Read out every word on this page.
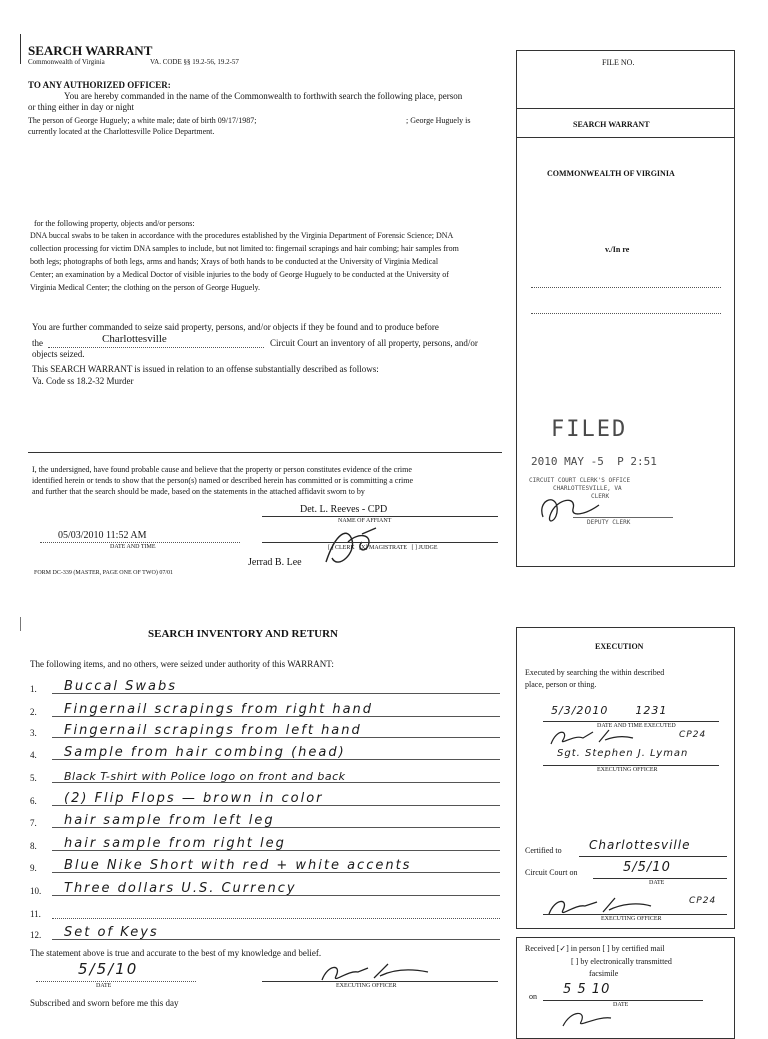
SEARCH WARRANT
Commonwealth of Virginia	VA. CODE §§ 19.2-56, 19.2-57
TO ANY AUTHORIZED OFFICER:
You are hereby commanded in the name of the Commonwealth to forthwith search the following place, person
or thing either in day or night
The person of George Huguely; a white male; date of birth 09/17/1987;	; George Huguely is
currently located at the Charlottesville Police Department.
for the following property, objects and/or persons:
DNA buccal swabs to be taken in accordance with the procedures established by the Virginia Department of Forensic Science; DNA
collection processing for victim DNA samples to include, but not limited to: fingernail scrapings and hair combing; hair samples from
both legs; photographs of both legs, arms and hands; Xrays of both hands to be conducted at the University of Virginia Medical
Center; an examination by a Medical Doctor of visible injuries to the body of George Huguely to be conducted at the University of
Virginia Medical Center; the clothing on the person of George Huguely.
You are further commanded to seize said property, persons, and/or objects if they be found and to produce before
the	Charlottesville	Circuit Court an inventory of all property, persons, and/or
objects seized.
This SEARCH WARRANT is issued in relation to an offense substantially described as follows:
Va. Code ss 18.2-32 Murder
I, the undersigned, have found probable cause and believe that the property or person constitutes evidence of the crime
identified herein or tends to show that the person(s) named or described herein has committed or is committing a crime
and further that the search should be made, based on the statements in the attached affidavit sworn to by
Det. L. Reeves - CPD
NAME OF AFFIANT
05/03/2010 11:52 AM
DATE AND TIME	[ ] CLERK   [X] MAGISTRATE   [ ] JUDGE
Jerrad B. Lee
FORM DC-339 (MASTER, PAGE ONE OF TWO) 07/01
FILE NO.
SEARCH WARRANT
COMMONWEALTH OF VIRGINIA
v./In re
FILED
2010 MAY -5  P 2:51
CIRCUIT COURT CLERK'S OFFICE
CHARLOTTESVILLE, VA
CLERK
DEPUTY CLERK
SEARCH INVENTORY AND RETURN
The following items, and no others, were seized under authority of this WARRANT:
1.	Buccal Swabs
2.	Fingernail scrapings from right hand
3.	Fingernail scrapings from left hand
4.	Sample from hair combing (head)
5.	Black T-shirt with Police logo on front and back
6.	(2) Flip Flops — brown in color
7.	hair sample from left leg
8.	hair sample from right leg
9.	Blue Nike Short with red + white accents
10.	Three dollars U.S. Currency
11.
12.	Set of Keys
The statement above is true and accurate to the best of my knowledge and belief.
5/5/10
DATE	EXECUTING OFFICER
Subscribed and sworn before me this day
EXECUTION
Executed by searching the within described
place, person or thing.
5/3/2010      1231
DATE AND TIME EXECUTED
CP24
Sgt. Stephen J. Lyman
EXECUTING OFFICER
Certified to Charlottesville
Circuit Court on	5/5/10
DATE
CP24
EXECUTING OFFICER
Received [✓] in person [ ] by certified mail
[ ] by electronically transmitted
facsimile
on 5 5 10
DATE
